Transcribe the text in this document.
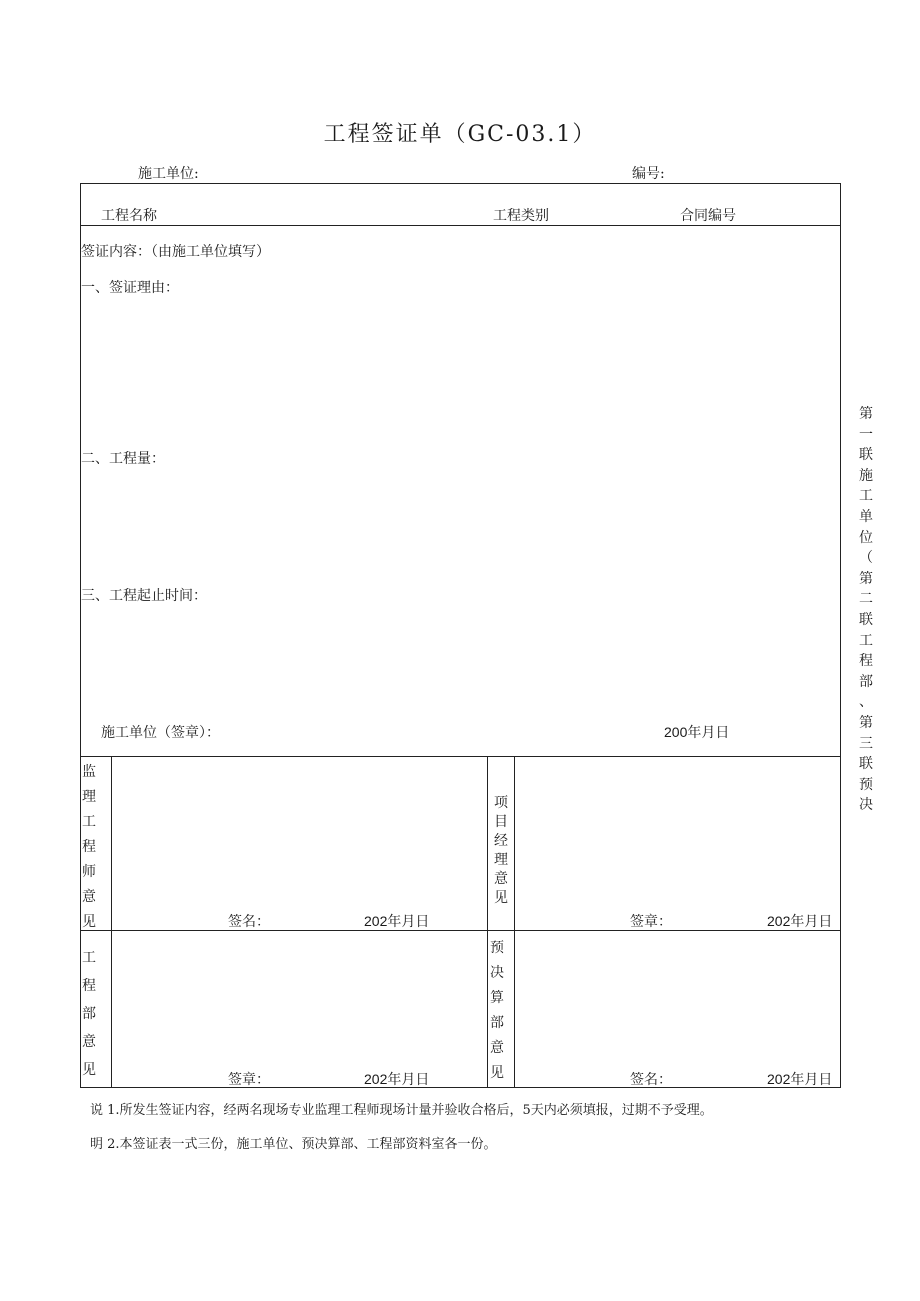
工程签证单（GC-03.1）
施工单位:	编号:
工程名称	工程类别	合同编号
签证内容：（由施工单位填写）
一、签证理由：
二、工程量：
三、工程起止时间：
施工单位（签章）：	200年月日
监
理
工
程
师
意
见	签名：	202年月日
项
目
经
理
意
见
签章：	202年月日
工
程
部
意
见
签章：	202年月日
预
决
算
部
意
见	签名：	202年月日
说 1.所发生签证内容，经两名现场专业监理工程师现场计量并验收合格后，5天内必须填报，过期不予受理。
明 2.本签证表一式三份，施工单位、预决算部、工程部资料室各一份。
第
一
联
施
工
单
位
（
第
二
联
工
程
部
、
第
三
联
预
决
